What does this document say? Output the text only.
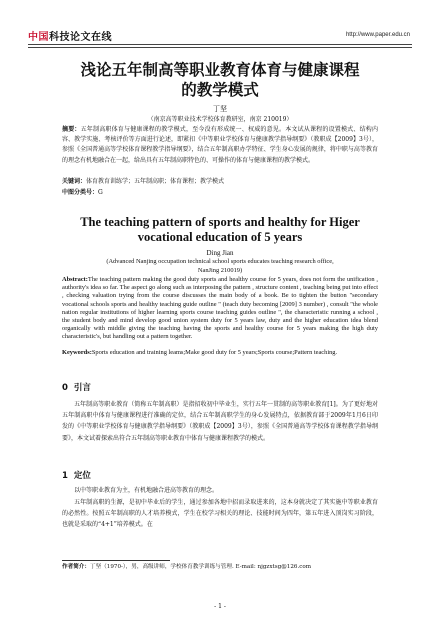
中国科技论文在线	http://www.paper.edu.cn
浅论五年制高等职业教育体育与健康课程
的教学模式
丁坚
（南京高等职业技术学校体育教研室，南京 210019）
摘要：五年制高职体育与健康课程的教学模式，至今没有形成统一、权威的意见。本文试从课程的设置模式、结构内容、教学实施、考核评价等方面进行论述，即紧扣《中等职业学校体育与健康教学指导纲要》（教职成【2009】3号），参照《全国普通高等学校体育课程教学指导纲要》，结合五年制高职办学特征、学生身心发展的规律，将中职与高等教育的理念有机地融合在一起，给出具有五年制高职特色的、可操作的体育与健康课程的教学模式。
关键词：体育教育训练学；五年制高职；体育课程；教学模式
中图分类号：G
The teaching pattern of sports and healthy for Higer
vocational education of 5 years
Ding Jian
(Advanced Nanjing occupation technical school sports educates teaching research office,
NanJing 210019)
Abstract:The teaching pattern making the good duty sports and healthy course for 5 years, does not form the unification , authority's idea so far. The aspect go along such as interposing the pattern , structure content , teaching being put into effect , checking valuation trying from the course discusses the main body of a book. Be to tighten the button "secondary vocational schools sports and healthy teaching guide outline " (teach duty becoming [2009] 3 number) , consult "the whole nation regular institutions of higher learning sports course teaching guides outline ", the characteristic running a school , the student body and mind develop good union system duty for 5 years law, duty and the higher education idea blend organically with middle giving the teaching having the sports and healthy course for 5 years making the high duty characteristic's, but handling out a pattern together.
Keywords:Sports education and training leams;Make good duty for 5 years;Sports course;Pattern teaching.
0 引言
五年制高等职业教育（简称五年制高职）是指招收初中毕业生，实行五年一贯制的高等职业教育[1]。为了更好地对五年制高职中体育与健康课程进行准确的定位，结合五年制高职学生的身心发展特点，依据教育部于2009年1月6日印发的《中等职业学校体育与健康教学指导纲要》（教职成【2009】3号），参照《全国普通高等学校体育课程教学指导纲要》，本文试着探索出符合五年制高等职业教育中体育与健康课程教学的模式。
1 定位
以中等职业教育为主，有机地融合进高等教育的理念。
五年制高职的生源，是初中毕业后的学生，通过参加各地中招而录取进来的，这本身就决定了其实施中等职业教育的必然性。按照五年制高职的人才培养模式，学生在校学习相关的理论、技能时间为四年，第五年进入顶岗实习阶段，也就是采取的“4+1”培养模式。在
作者简介：丁坚（1970-），男，高级讲师，学校体育教学训练与管理. E-mail: njgzxtsg@126.com
- 1 -
